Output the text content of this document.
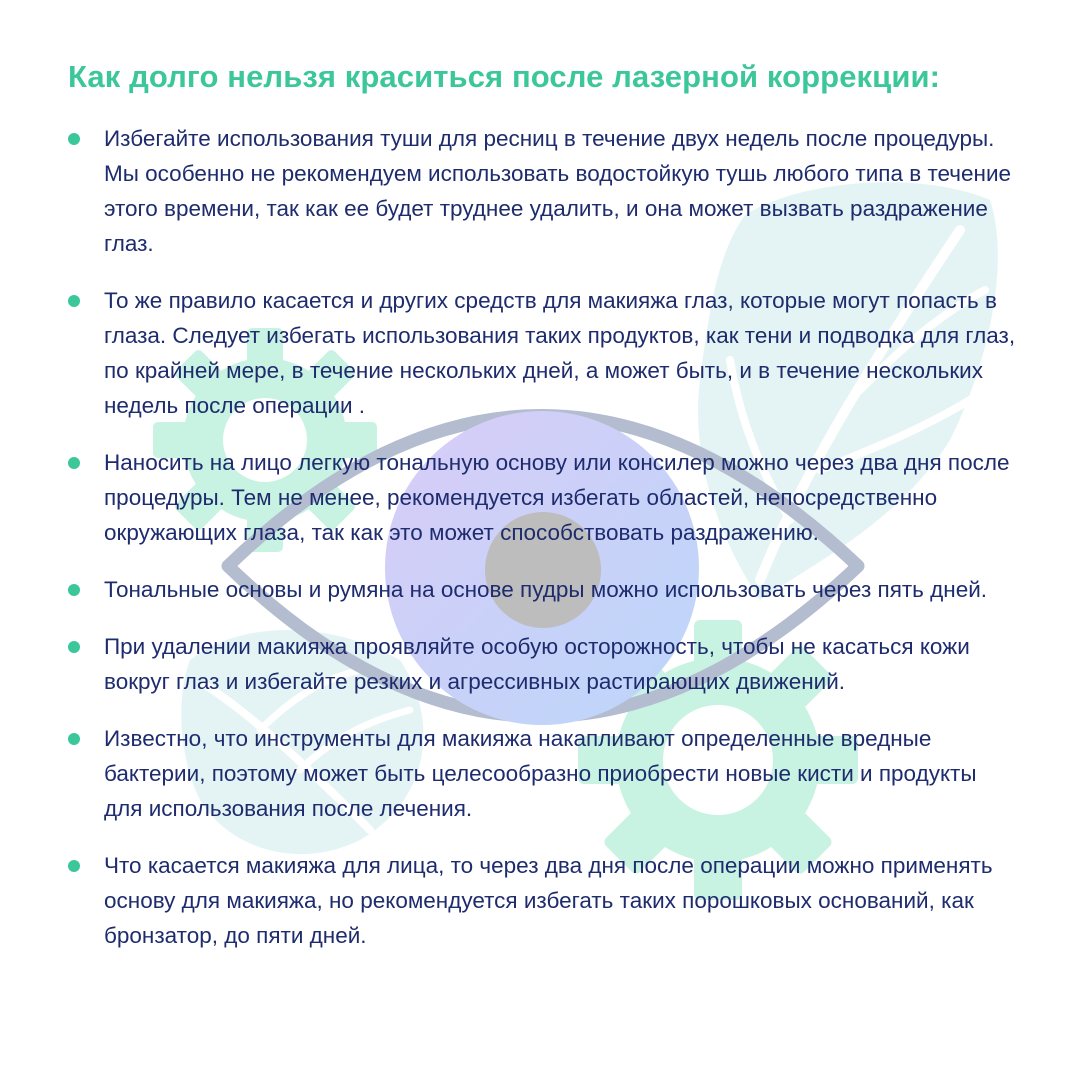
Как долго нельзя краситься после лазерной коррекции:
Избегайте использования туши для ресниц в течение двух недель после процедуры. Мы особенно не рекомендуем использовать водостойкую тушь любого типа в течение этого времени, так как ее будет труднее удалить, и она может вызвать раздражение глаз.
То же правило касается и других средств для макияжа глаз, которые могут попасть в глаза. Следует избегать использования таких продуктов, как тени и подводка для глаз, по крайней мере, в течение нескольких дней, а может быть, и в течение нескольких недель после операции .
Наносить на лицо легкую тональную основу или консилер можно через два дня после процедуры. Тем не менее, рекомендуется избегать областей, непосредственно окружающих глаза, так как это может способствовать раздражению.
Тональные основы и румяна на основе пудры можно использовать через пять дней.
При удалении макияжа проявляйте особую осторожность, чтобы не касаться кожи вокруг глаз и избегайте резких и агрессивных растирающих движений.
Известно, что инструменты для макияжа накапливают определенные вредные бактерии, поэтому может быть целесообразно приобрести новые кисти и продукты для использования после лечения.
Что касается макияжа для лица, то через два дня после операции можно применять основу для макияжа, но рекомендуется избегать таких порошковых оснований, как бронзатор, до пяти дней.
